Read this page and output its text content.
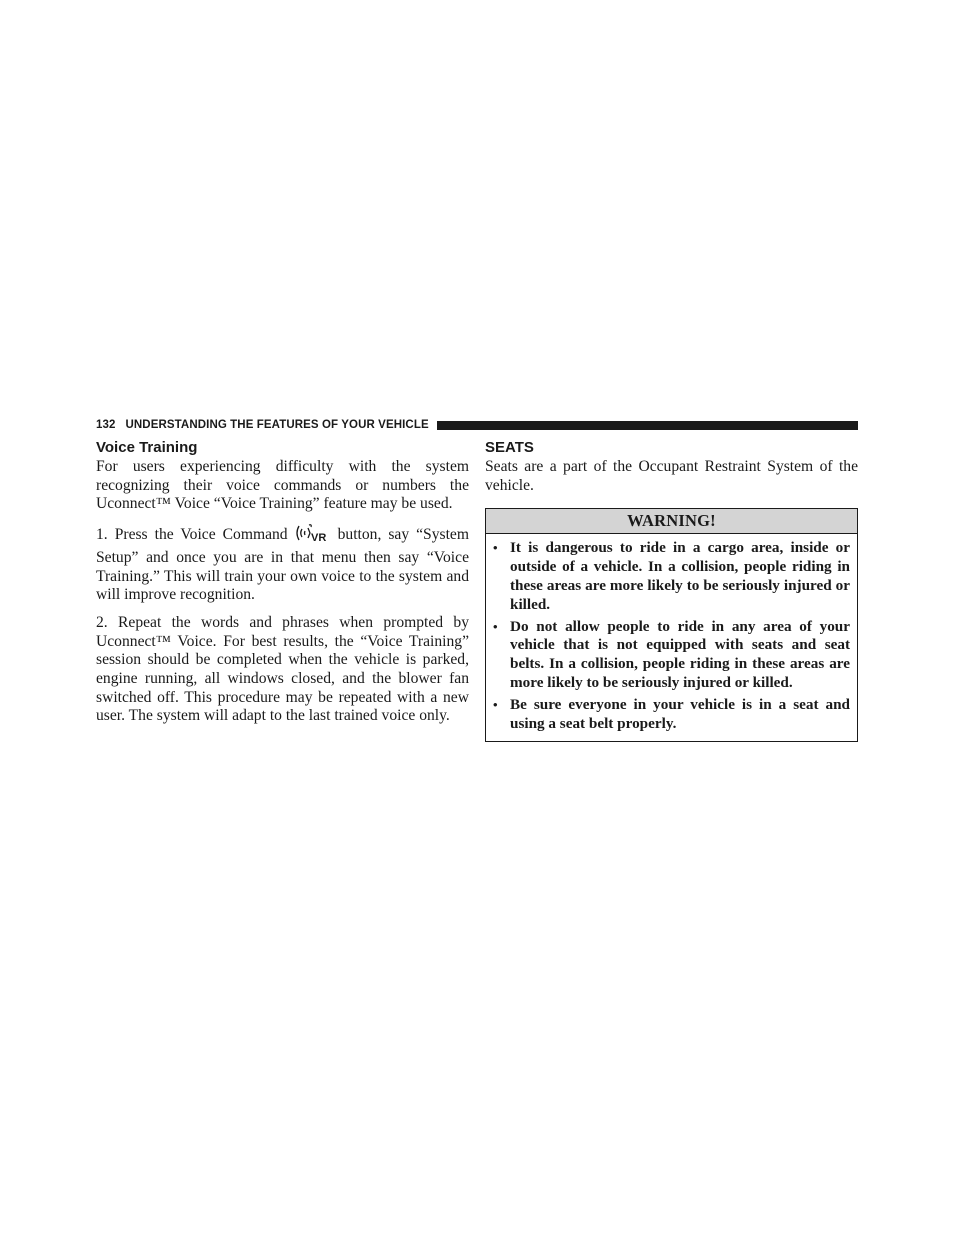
132 UNDERSTANDING THE FEATURES OF YOUR VEHICLE
Voice Training

For users experiencing difficulty with the system recognizing their voice commands or numbers the Uconnect™ Voice “Voice Training” feature may be used.

1. Press the Voice Command VR button, say “System Setup” and once you are in that menu then say “Voice Training.” This will train your own voice to the system and will improve recognition.

2. Repeat the words and phrases when prompted by Uconnect™ Voice. For best results, the “Voice Training” session should be completed when the vehicle is parked, engine running, all windows closed, and the blower fan switched off. This procedure may be repeated with a new user. The system will adapt to the last trained voice only.

SEATS

Seats are a part of the Occupant Restraint System of the vehicle.

WARNING!
• It is dangerous to ride in a cargo area, inside or outside of a vehicle. In a collision, people riding in these areas are more likely to be seriously injured or killed.
• Do not allow people to ride in any area of your vehicle that is not equipped with seats and seat belts. In a collision, people riding in these areas are more likely to be seriously injured or killed.
• Be sure everyone in your vehicle is in a seat and using a seat belt properly.
